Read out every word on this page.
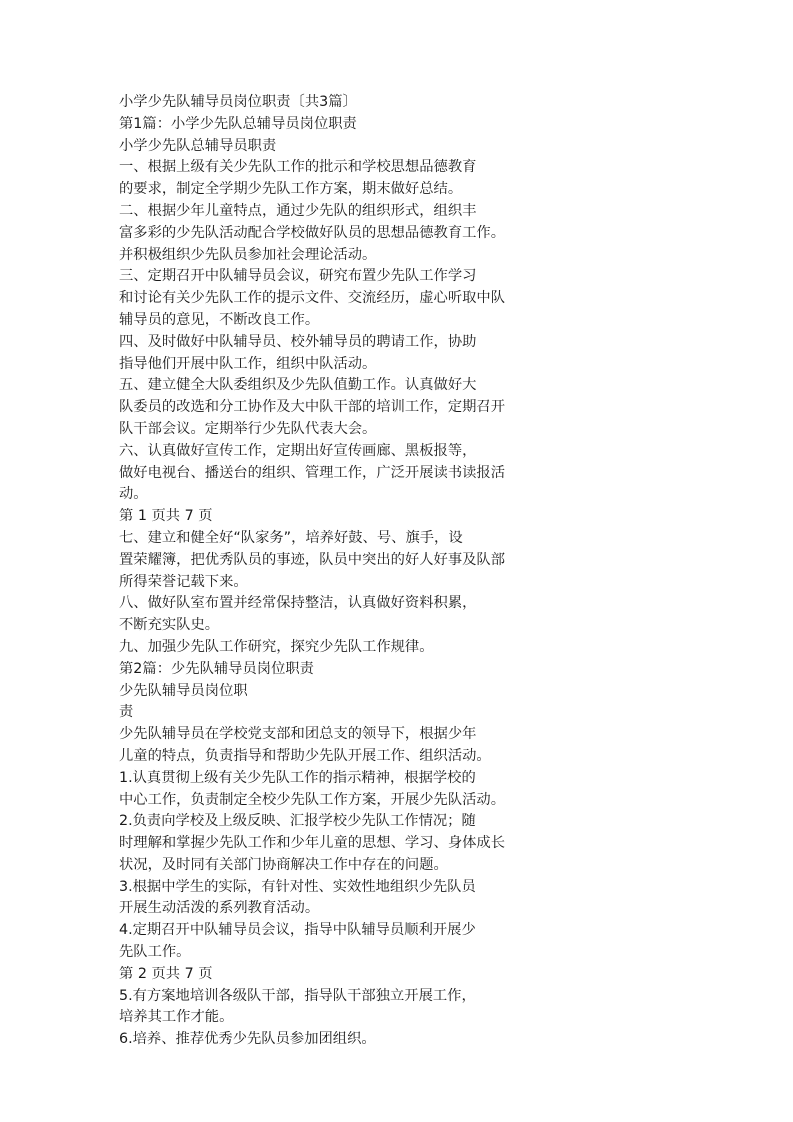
小学少先队辅导员岗位职责〔共3篇〕
第1篇：小学少先队总辅导员岗位职责
小学少先队总辅导员职责
一、根据上级有关少先队工作的批示和学校思想品德教育
的要求，制定全学期少先队工作方案，期末做好总结。
二、根据少年儿童特点，通过少先队的组织形式，组织丰
富多彩的少先队活动配合学校做好队员的思想品德教育工作。
并积极组织少先队员参加社会理论活动。
三、定期召开中队辅导员会议，研究布置少先队工作学习
和讨论有关少先队工作的提示文件、交流经历，虚心听取中队
辅导员的意见，不断改良工作。
四、及时做好中队辅导员、校外辅导员的聘请工作，协助
指导他们开展中队工作，组织中队活动。
五、建立健全大队委组织及少先队值勤工作。认真做好大
队委员的改选和分工协作及大中队干部的培训工作，定期召开
队干部会议。定期举行少先队代表大会。
六、认真做好宣传工作，定期出好宣传画廊、黑板报等，
做好电视台、播送台的组织、管理工作，广泛开展读书读报活
动。
第 1 页共 7 页
七、建立和健全好“队家务”，培养好鼓、号、旗手，设
置荣耀簿，把优秀队员的事迹，队员中突出的好人好事及队部
所得荣誉记载下来。
八、做好队室布置并经常保持整洁，认真做好资料积累，
不断充实队史。
九、加强少先队工作研究，探究少先队工作规律。
第2篇：少先队辅导员岗位职责
少先队辅导员岗位职
责
少先队辅导员在学校党支部和团总支的领导下，根据少年
儿童的特点，负责指导和帮助少先队开展工作、组织活动。
1.认真贯彻上级有关少先队工作的指示精神，根据学校的
中心工作，负责制定全校少先队工作方案，开展少先队活动。
2.负责向学校及上级反映、汇报学校少先队工作情况；随
时理解和掌握少先队工作和少年儿童的思想、学习、身体成长
状况，及时同有关部门协商解决工作中存在的问题。
3.根据中学生的实际，有针对性、实效性地组织少先队员
开展生动活泼的系列教育活动。
4.定期召开中队辅导员会议，指导中队辅导员顺利开展少
先队工作。
第 2 页共 7 页
5.有方案地培训各级队干部，指导队干部独立开展工作，
培养其工作才能。
6.培养、推荐优秀少先队员参加团组织。
